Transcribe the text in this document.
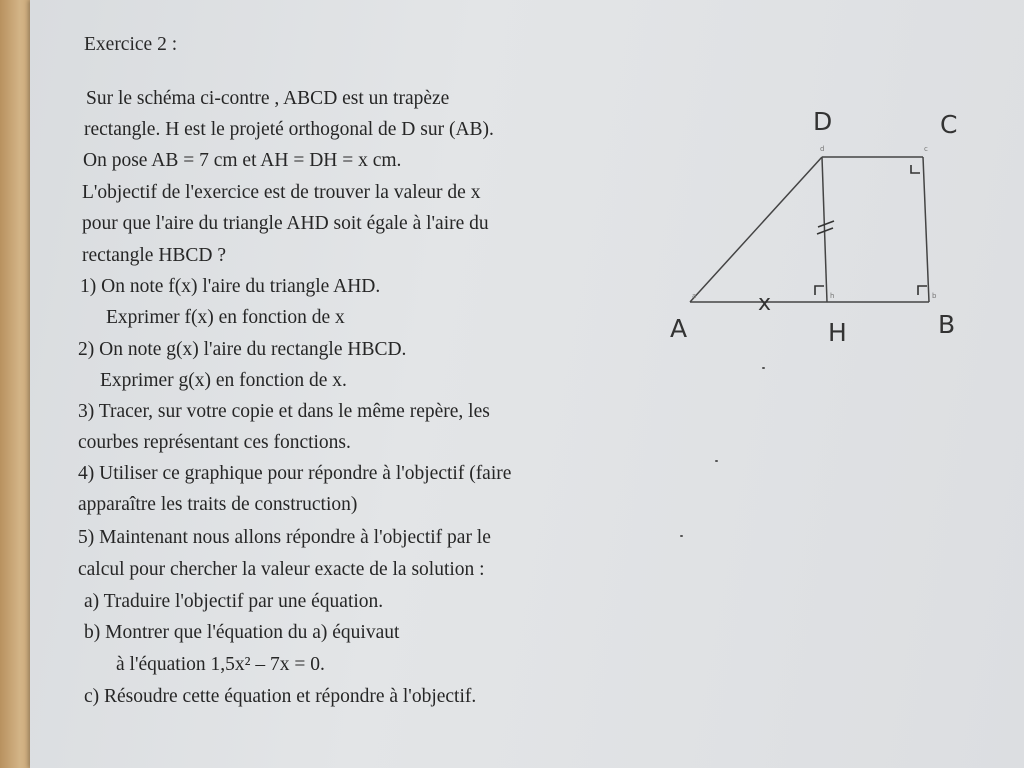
Exercice 2 :
Sur le schéma ci-contre , ABCD est un trapèze
rectangle. H est le projeté orthogonal de D sur (AB).
On pose AB = 7 cm et AH = DH = x cm.
L'objectif de l'exercice est de trouver la valeur de x
pour que l'aire du triangle AHD soit égale à l'aire du
rectangle HBCD ?
1) On note f(x) l'aire du triangle AHD.
Exprimer f(x) en fonction de x
2) On note g(x) l'aire du rectangle HBCD.
Exprimer g(x) en fonction de x.
3) Tracer, sur votre copie et dans le même repère, les
courbes représentant ces fonctions.
4) Utiliser ce graphique pour répondre à l'objectif (faire
apparaître les traits de construction)
5) Maintenant nous allons répondre à l'objectif par le
calcul pour chercher la valeur exacte de la solution :
a) Traduire l'objectif par une équation.
b) Montrer que l'équation du a) équivaut
à l'équation 1,5x² – 7x = 0.
c) Résoudre cette équation et répondre à l'objectif.
A	B
C
D
H
x
d	c
a	h	b
